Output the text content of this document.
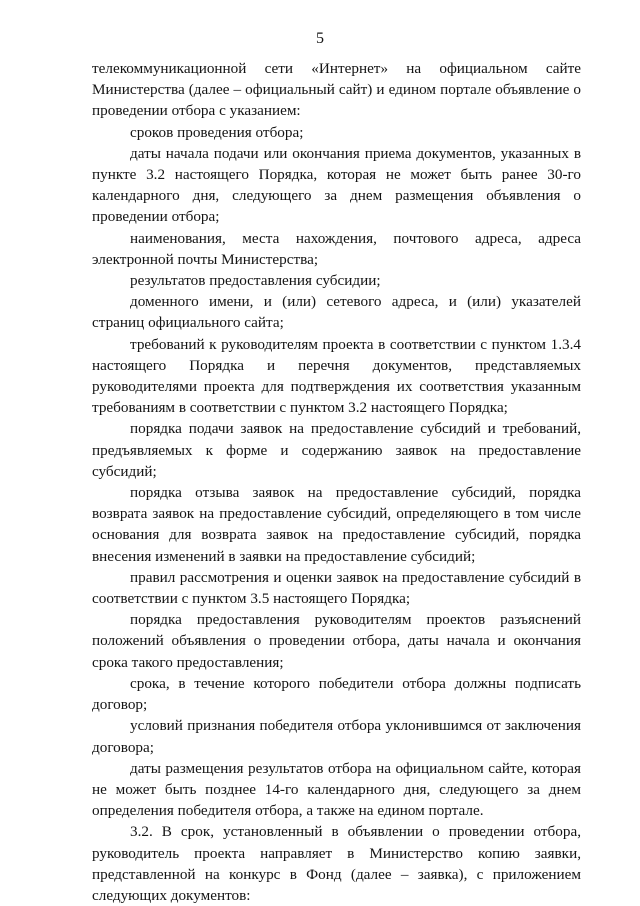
5

телекоммуникационной сети «Интернет» на официальном сайте Министерства (далее – официальный сайт) и едином портале объявление о проведении отбора с указанием:

сроков проведения отбора;

даты начала подачи или окончания приема документов, указанных в пункте 3.2 настоящего Порядка, которая не может быть ранее 30-го календарного дня, следующего за днем размещения объявления о проведении отбора;

наименования, места нахождения, почтового адреса, адреса электронной почты Министерства;

результатов предоставления субсидии;

доменного имени, и (или) сетевого адреса, и (или) указателей страниц официального сайта;

требований к руководителям проекта в соответствии с пунктом 1.3.4 настоящего Порядка и перечня документов, представляемых руководителями проекта для подтверждения их соответствия указанным требованиям в соответствии с пунктом 3.2 настоящего Порядка;

порядка подачи заявок на предоставление субсидий и требований, предъявляемых к форме и содержанию заявок на предоставление субсидий;

порядка отзыва заявок на предоставление субсидий, порядка возврата заявок на предоставление субсидий, определяющего в том числе основания для возврата заявок на предоставление субсидий, порядка внесения изменений в заявки на предоставление субсидий;

правил рассмотрения и оценки заявок на предоставление субсидий в соответствии с пунктом 3.5 настоящего Порядка;

порядка предоставления руководителям проектов разъяснений положений объявления о проведении отбора, даты начала и окончания срока такого предоставления;

срока, в течение которого победители отбора должны подписать договор;

условий признания победителя отбора уклонившимся от заключения договора;

даты размещения результатов отбора на официальном сайте, которая не может быть позднее 14-го календарного дня, следующего за днем определения победителя отбора, а также на едином портале.

3.2. В срок, установленный в объявлении о проведении отбора, руководитель проекта направляет в Министерство копию заявки, представленной на конкурс в Фонд (далее – заявка), с приложением следующих документов:
